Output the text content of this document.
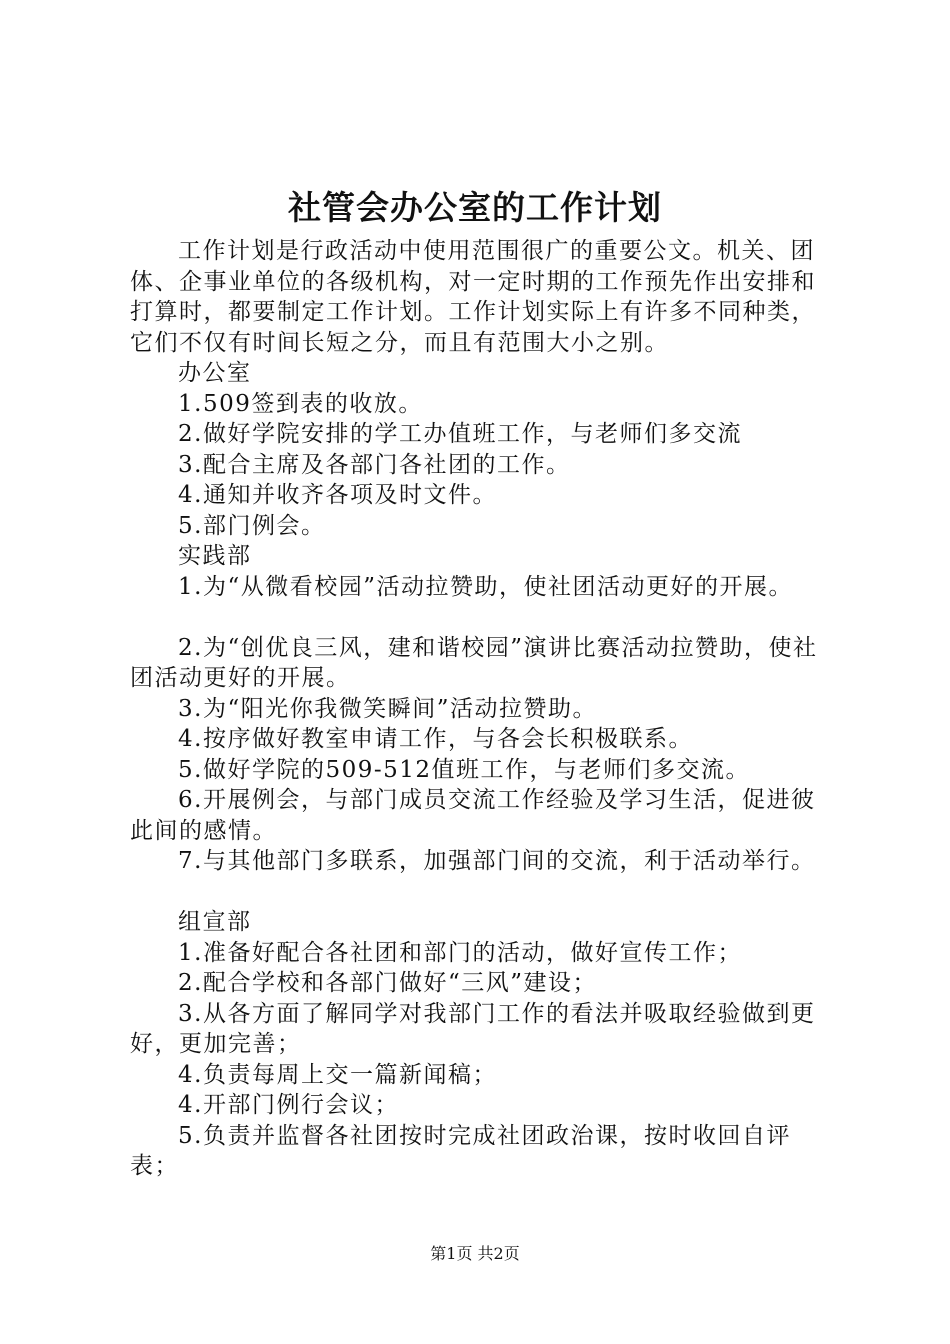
社管会办公室的工作计划

工作计划是行政活动中使用范围很广的重要公文。机关、团体、企事业单位的各级机构，对一定时期的工作预先作出安排和打算时，都要制定工作计划。工作计划实际上有许多不同种类，它们不仅有时间长短之分，而且有范围大小之别。

办公室

1.509签到表的收放。

2.做好学院安排的学工办值班工作，与老师们多交流

3.配合主席及各部门各社团的工作。

4.通知并收齐各项及时文件。

5.部门例会。

实践部

1.为“从微看校园”活动拉赞助，使社团活动更好的开展。

2.为“创优良三风，建和谐校园”演讲比赛活动拉赞助，使社团活动更好的开展。

3.为“阳光你我微笑瞬间”活动拉赞助。

4.按序做好教室申请工作，与各会长积极联系。

5.做好学院的509-512值班工作，与老师们多交流。

6.开展例会，与部门成员交流工作经验及学习生活，促进彼此间的感情。

7.与其他部门多联系，加强部门间的交流，利于活动举行。

组宣部

1.准备好配合各社团和部门的活动，做好宣传工作；

2.配合学校和各部门做好“三风”建设；

3.从各方面了解同学对我部门工作的看法并吸取经验做到更好，更加完善；

4.负责每周上交一篇新闻稿；

4.开部门例行会议；

5.负责并监督各社团按时完成社团政治课，按时收回自评表；

第1页 共2页
